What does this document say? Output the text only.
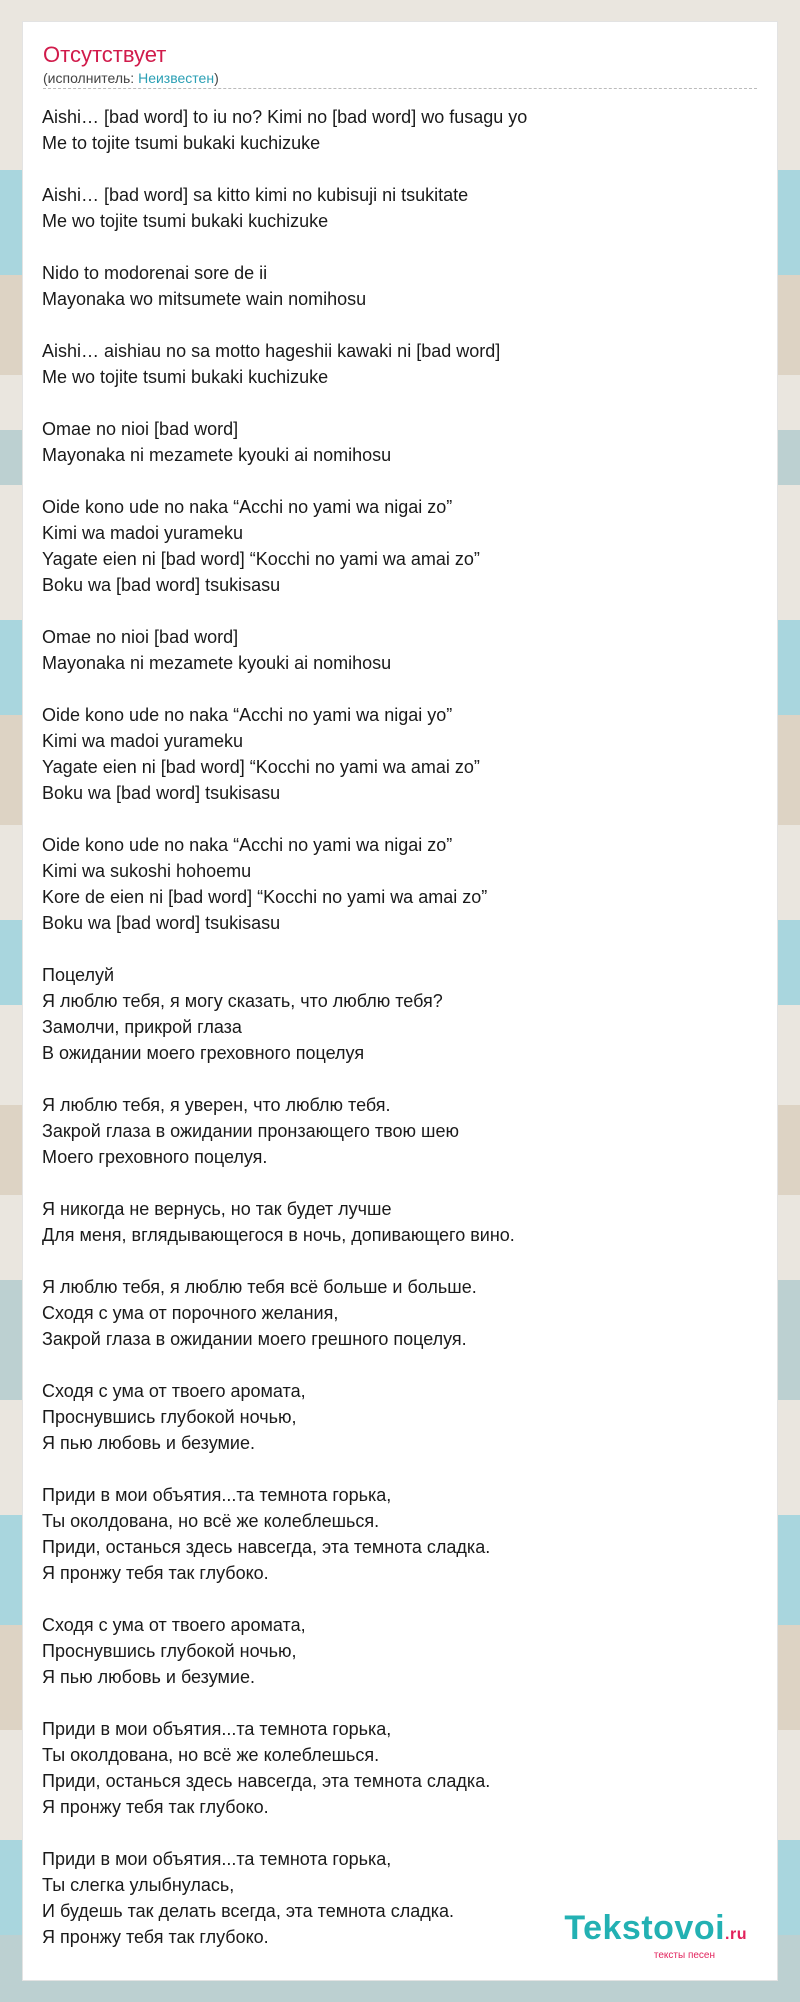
Отсутствует
(исполнитель: Неизвестен)
Aishi… [bad word] to iu no? Kimi no [bad word] wo fusagu yo
Me to tojite tsumi bukaki kuchizuke
Aishi… [bad word] sa kitto kimi no kubisuji ni tsukitate
Me wo tojite tsumi bukaki kuchizuke
Nido to modorenai sore de ii
Mayonaka wo mitsumete wain nomihosu
Aishi… aishiau no sa motto hageshii kawaki ni [bad word]
Me wo tojite tsumi bukaki kuchizuke
Omae no nioi [bad word]
Mayonaka ni mezamete kyouki ai nomihosu
Oide kono ude no naka “Acchi no yami wa nigai zo”
Kimi wa madoi yurameku
Yagate eien ni [bad word] “Kocchi no yami wa amai zo”
Boku wa [bad word] tsukisasu
Omae no nioi [bad word]
Mayonaka ni mezamete kyouki ai nomihosu
Oide kono ude no naka “Acchi no yami wa nigai yo”
Kimi wa madoi yurameku
Yagate eien ni [bad word] “Kocchi no yami wa amai zo”
Boku wa [bad word] tsukisasu
Oide kono ude no naka “Acchi no yami wa nigai zo”
Kimi wa sukoshi hohoemu
Kore de eien ni [bad word] “Kocchi no yami wa amai zo”
Boku wa [bad word] tsukisasu
Поцелуй
Я люблю тебя, я могу сказать, что люблю тебя?
Замолчи, прикрой глаза
В ожидании моего греховного поцелуя
Я люблю тебя, я уверен, что люблю тебя.
Закрой глаза в ожидании пронзающего твою шею
Моего греховного поцелуя.
Я никогда не вернусь, но так будет лучше
Для меня, вглядывающегося в ночь, допивающего вино.
Я люблю тебя, я люблю тебя всё больше и больше.
Сходя с ума от порочного желания,
Закрой глаза в ожидании моего грешного поцелуя.
Сходя с ума от твоего аромата,
Проснувшись глубокой ночью,
Я пью любовь и безумие.
Приди в мои объятия...та темнота горька,
Ты околдована, но всё же колеблешься.
Приди, останься здесь навсегда, эта темнота сладка.
Я пронжу тебя так глубоко.
Сходя с ума от твоего аромата,
Проснувшись глубокой ночью,
Я пью любовь и безумие.
Приди в мои объятия...та темнота горька,
Ты околдована, но всё же колеблешься.
Приди, останься здесь навсегда, эта темнота сладка.
Я пронжу тебя так глубоко.
Приди в мои объятия...та темнота горька,
Ты слегка улыбнулась,
И будешь так делать всегда, эта темнота сладка.
Я пронжу тебя так глубоко.	Tekstovoi.ru
тексты песен
